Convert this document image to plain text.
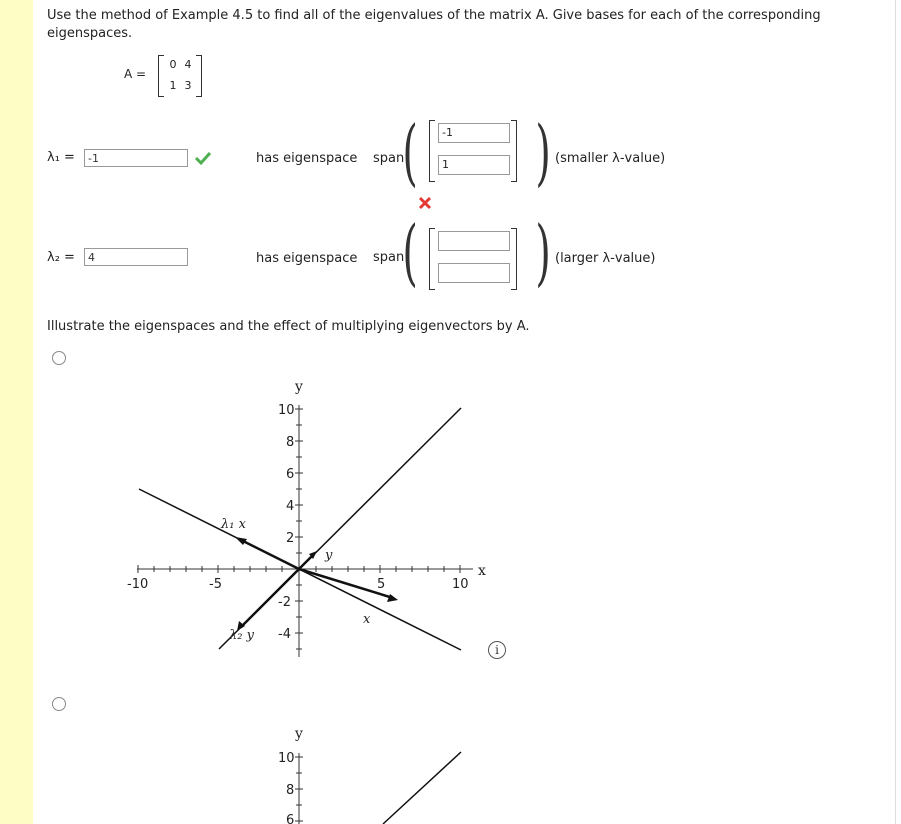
Use the method of Example 4.5 to find all of the eigenvalues of the matrix A. Give bases for each of the corresponding
eigenspaces.
A =
0 4
1 3
λ₁ =	-1	has eigenspace span
(	-1
1	) (smaller λ-value)
λ₂ =	4	has eigenspace span
( ) (larger λ-value)
Illustrate the eigenspaces and the effect of multiplying eigenvectors by A.
-10	-5	5	10
10
8
6
4
2
-2
-4
y
x
λ₁ x
λ₂ y
y
x
i
10
8
6
y
